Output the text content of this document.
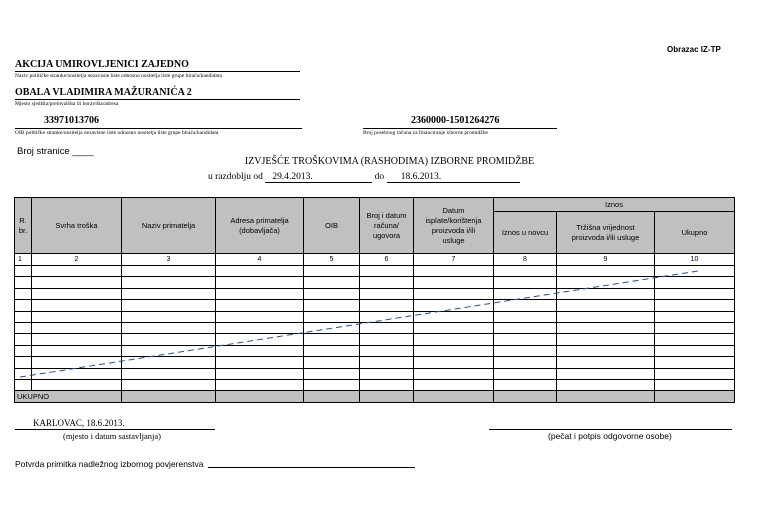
Obrazac IZ-TP
AKCIJA UMIROVLJENICI ZAJEDNO
Naziv političke stranke/nositelja nezavisne liste odnosno nositelja liste grupe birača/kandidata
OBALA VLADIMIRA MAŽURANIĆA 2
Mjesto sjedišta/prebivališta ili boravišta/adresa
33971013706
OIB političke stranke/nositelja nezavisne liste odnosno nositelja liste grupe birača/kandidata
2360000-1501264276
Broj posebnog računa za financiranje izborne promidžbe
Broj stranice ____
IZVJEŠĆE TROŠKOVIMA (RASHODIMA) IZBORNE PROMIDŽBE
u razdoblju od 29.4.2013.	do 18.6.2013.
R. br.	Svrha troška	Naziv primatelja	Adresa primatelja (dobavljača)	OIB	Broj i datum računa/ ugovora	Datum isplate/korištenja proizvoda i/ili usluge	Iznos		
							Iznos u novcu	Tržišna vrijednost proizvoda i/ili usluge	Ukupno
1	2	3	4	5	6	7	8	9	10

UKUPNO									
KARLOVAC, 18.6.2013.
(mjesto i datum sastavljanja)	(pečat i potpis odgovorne osobe)
Potvrda primitka nadležnog izbornog povjerenstva
